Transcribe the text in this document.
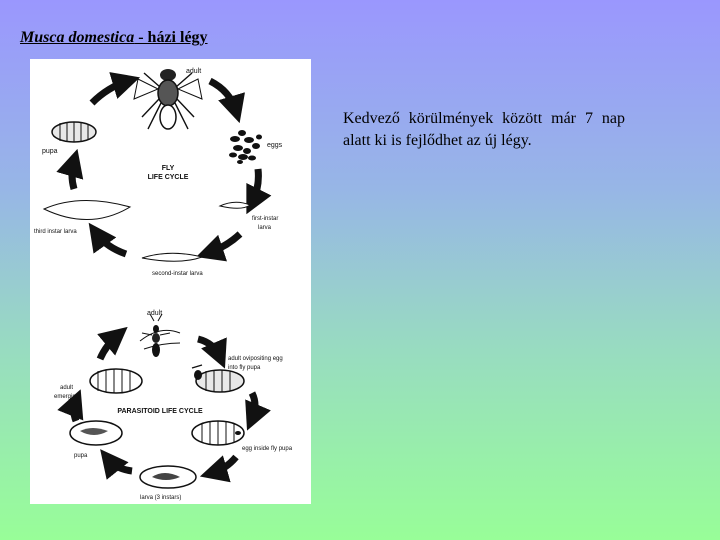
Musca domestica - házi légy
adult
eggs
first-instar
larva
second-instar larva
third instar larva
pupa
FLY
LIFE CYCLE
adult
adult ovipositing egg
into fly pupa
egg inside fly pupa
larva (3 instars)
pupa
adult
emerging
PARASITOID LIFE CYCLE

Kedvező körülmények között már 7 nap alatt ki is fejlődhet az új légy.
